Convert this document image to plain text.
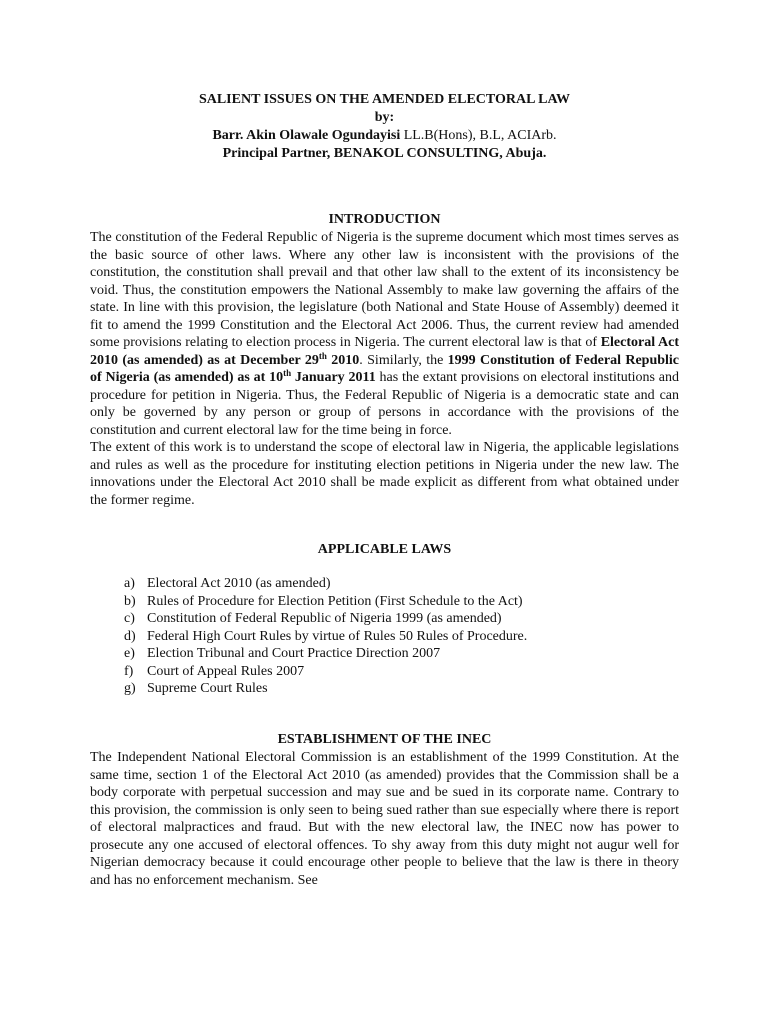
SALIENT ISSUES ON THE AMENDED ELECTORAL LAW
by:
Barr. Akin Olawale Ogundayisi LL.B(Hons), B.L, ACIArb.
Principal Partner, BENAKOL CONSULTING, Abuja.
INTRODUCTION

The constitution of the Federal Republic of Nigeria is the supreme document which most times serves as the basic source of other laws. Where any other law is inconsistent with the provisions of the constitution, the constitution shall prevail and that other law shall to the extent of its inconsistency be void. Thus, the constitution empowers the National Assembly to make law governing the affairs of the state. In line with this provision, the legislature (both National and State House of Assembly) deemed it fit to amend the 1999 Constitution and the Electoral Act 2006. Thus, the current review had amended some provisions relating to election process in Nigeria. The current electoral law is that of Electoral Act 2010 (as amended) as at December 29th 2010. Similarly, the 1999 Constitution of Federal Republic of Nigeria (as amended) as at 10th January 2011 has the extant provisions on electoral institutions and procedure for petition in Nigeria. Thus, the Federal Republic of Nigeria is a democratic state and can only be governed by any person or group of persons in accordance with the provisions of the constitution and current electoral law for the time being in force.

The extent of this work is to understand the scope of electoral law in Nigeria, the applicable legislations and rules as well as the procedure for instituting election petitions in Nigeria under the new law. The innovations under the Electoral Act 2010 shall be made explicit as different from what obtained under the former regime.

APPLICABLE LAWS
a) Electoral Act 2010 (as amended)
b) Rules of Procedure for Election Petition (First Schedule to the Act)
c) Constitution of Federal Republic of Nigeria 1999 (as amended)
d) Federal High Court Rules by virtue of Rules 50 Rules of Procedure.
e) Election Tribunal and Court Practice Direction 2007
f) Court of Appeal Rules 2007
g) Supreme Court Rules
ESTABLISHMENT OF THE INEC

The Independent National Electoral Commission is an establishment of the 1999 Constitution. At the same time, section 1 of the Electoral Act 2010 (as amended) provides that the Commission shall be a body corporate with perpetual succession and may sue and be sued in its corporate name. Contrary to this provision, the commission is only seen to being sued rather than sue especially where there is report of electoral malpractices and fraud. But with the new electoral law, the INEC now has power to prosecute any one accused of electoral offences. To shy away from this duty might not augur well for Nigerian democracy because it could encourage other people to believe that the law is there in theory and has no enforcement mechanism. See
